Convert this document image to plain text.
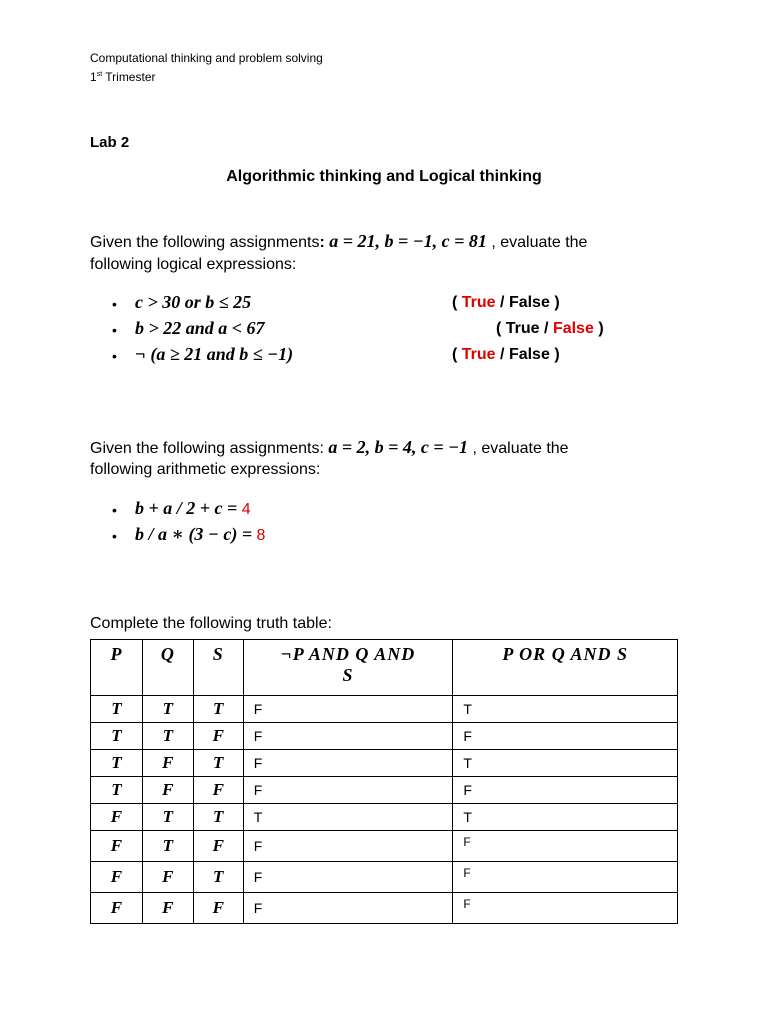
Computational thinking and problem solving
1st Trimester
Lab 2
Algorithmic thinking and Logical thinking
Given the following assignments: a = 21, b = −1, c = 81 , evaluate the
following logical expressions:
• c > 30 or b ≤ 25	( True / False )
• b > 22 and a < 67	( True / False )
• ¬ (a ≥ 21 and b ≤ −1)	( True / False )
Given the following assignments: a = 2, b = 4, c = −1 , evaluate the
following arithmetic expressions:
• b + a / 2 + c = 4
• b / a ∗ (3 − c) = 8
Complete the following truth table:
P	Q	S	¬P AND Q AND S	P OR Q AND S
T	T	T	F	T
T	T	F	F	F
T	F	T	F	T
T	F	F	F	F
F	T	T	T	T
F	T	F	F	F
F	F	T	F	F
F	F	F	F	F
